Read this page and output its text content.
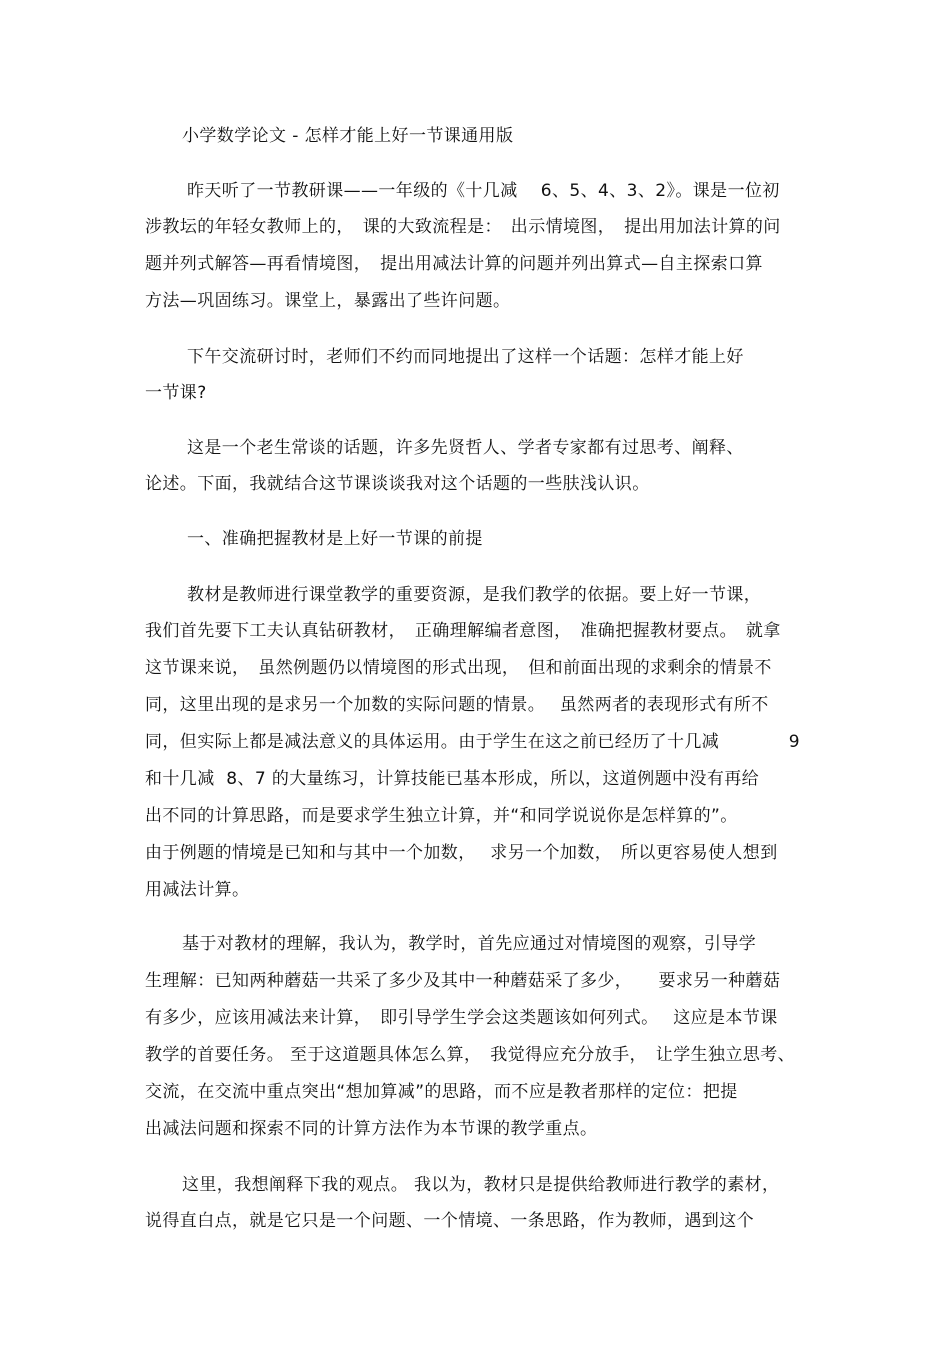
小学数学论文 - 怎样才能上好一节课通用版
昨天听了一节教研课——一年级的《十几减　 6、5、4、3、2》。课是一位初
涉教坛的年轻女教师上的，　课的大致流程是：　出示情境图，　提出用加法计算的问
题并列式解答—再看情境图，　提出用减法计算的问题并列出算式—自主探索口算
方法—巩固练习。课堂上，暴露出了些许问题。
下午交流研讨时，老师们不约而同地提出了这样一个话题：怎样才能上好
一节课?
这是一个老生常谈的话题，许多先贤哲人、学者专家都有过思考、阐释、
论述。下面，我就结合这节课谈谈我对这个话题的一些肤浅认识。
一、准确把握教材是上好一节课的前提
教材是教师进行课堂教学的重要资源，是我们教学的依据。要上好一节课，
我们首先要下工夫认真钻研教材，　正确理解编者意图，　准确把握教材要点。　就拿
这节课来说，　虽然例题仍以情境图的形式出现，　但和前面出现的求剩余的情景不
同，这里出现的是求另一个加数的实际问题的情景。　 虽然两者的表现形式有所不
同，但实际上都是减法意义的具体运用。由于学生在这之前已经历了十几减　　　　9
和十几减  8、7 的大量练习，计算技能已基本形成，所以，这道例题中没有再给
出不同的计算思路，而是要求学生独立计算，并“和同学说说你是怎样算的”。
由于例题的情境是已知和与其中一个加数，　 求另一个加数，　所以更容易使人想到
用减法计算。
基于对教材的理解，我认为，教学时，首先应通过对情境图的观察，引导学
生理解：已知两种蘑菇一共采了多少及其中一种蘑菇采了多少，　　要求另一种蘑菇
有多少，应该用减法来计算，　即引导学生学会这类题该如何列式。　 这应是本节课
教学的首要任务。 至于这道题具体怎么算，　我觉得应充分放手，　让学生独立思考、
交流，在交流中重点突出“想加算减”的思路，而不应是教者那样的定位：把提
出减法问题和探索不同的计算方法作为本节课的教学重点。
这里，我想阐释下我的观点。 我以为，教材只是提供给教师进行教学的素材，
说得直白点，就是它只是一个问题、一个情境、一条思路，作为教师，遇到这个
